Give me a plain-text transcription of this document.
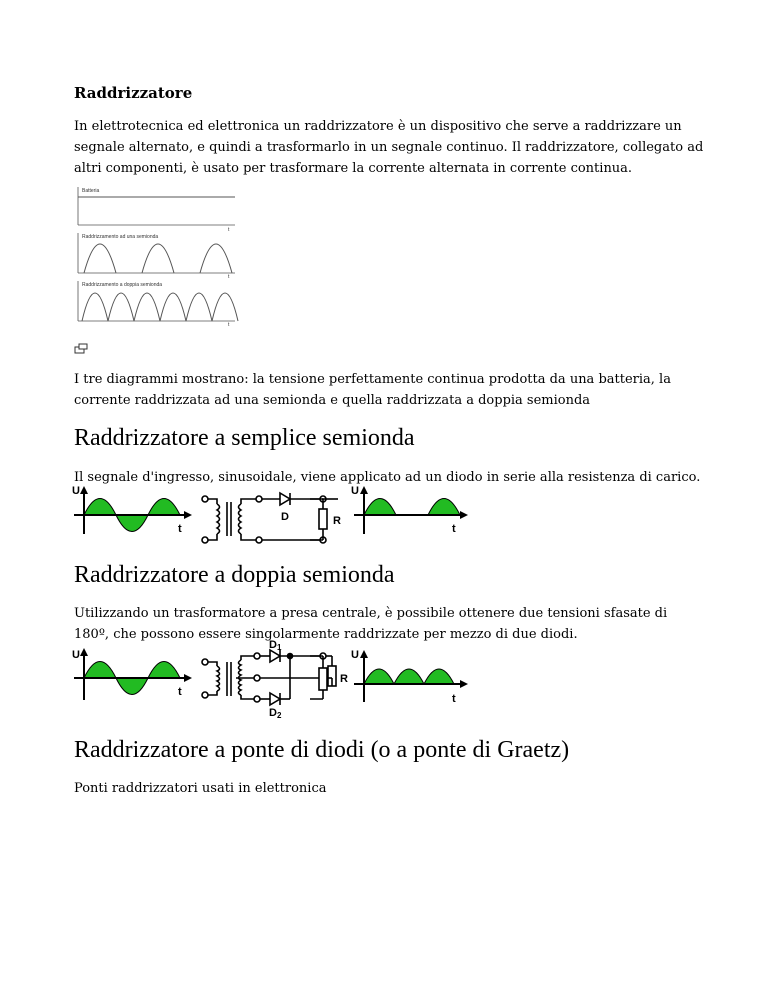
Raddrizzatore
In elettrotecnica ed elettronica un raddrizzatore è un dispositivo che serve a raddrizzare un segnale alternato, e quindi a trasformarlo in un segnale continuo. Il raddrizzatore, collegato ad altri componenti, è usato per trasformare la corrente alternata in corrente continua.
Batteria
t
Raddrizzamento ad una semionda
t
Raddrizzamento a doppia semionda
t
I tre diagrammi mostrano: la tensione perfettamente continua prodotta da una batteria, la corrente raddrizzata ad una semionda e quella raddrizzata a doppia semionda
Raddrizzatore a semplice semionda
Il segnale d'ingresso, sinusoidale, viene applicato ad un diodo in serie alla resistenza di carico.
U
t
D	R
U
t
Raddrizzatore a doppia semionda
Utilizzando un trasformatore a presa centrale, è possibile ottenere due tensioni sfasate di 180º, che possono essere singolarmente raddrizzate per mezzo di due diodi.
U
t
D1
D2
R
U
t
Raddrizzatore a ponte di diodi (o a ponte di Graetz)
Ponti raddrizzatori usati in elettronica
